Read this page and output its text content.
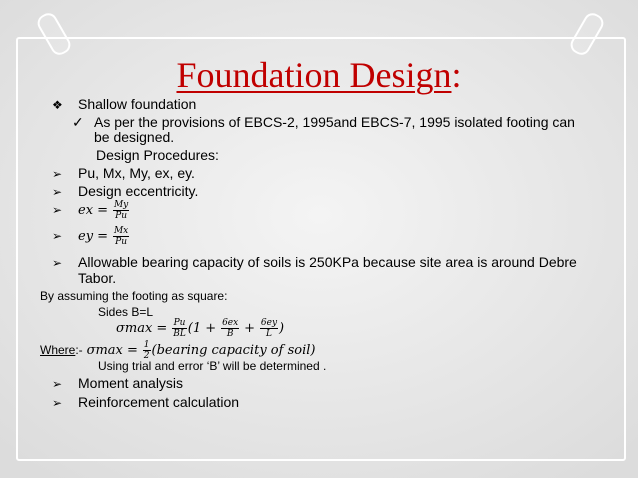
Foundation Design:
❖ Shallow foundation
✓ As per the provisions of EBCS-2, 1995and EBCS-7, 1995 isolated footing can
be designed.
Design Procedures:
➢ Pu, Mx, My, ex, ey.
➢ Design eccentricity.
➢ ex = $\frac{My}{Pu}$
➢ ey = $\frac{Mx}{Pu}$
➢ Allowable bearing capacity of soils is 250KPa because site area is around Debre
Tabor.
By assuming the footing as square:
Sides B=L
$\sigma\max = \frac{Pu}{BL} (1 + \frac{6ex}{B} + \frac{6ey}{L}$ )
Where:- $\sigma\max = \frac{1}{2}$ (bearing capacity of soil)
Using trial and error ‘B’ will be determined .
➢ Moment analysis
➢ Reinforcement calculation
